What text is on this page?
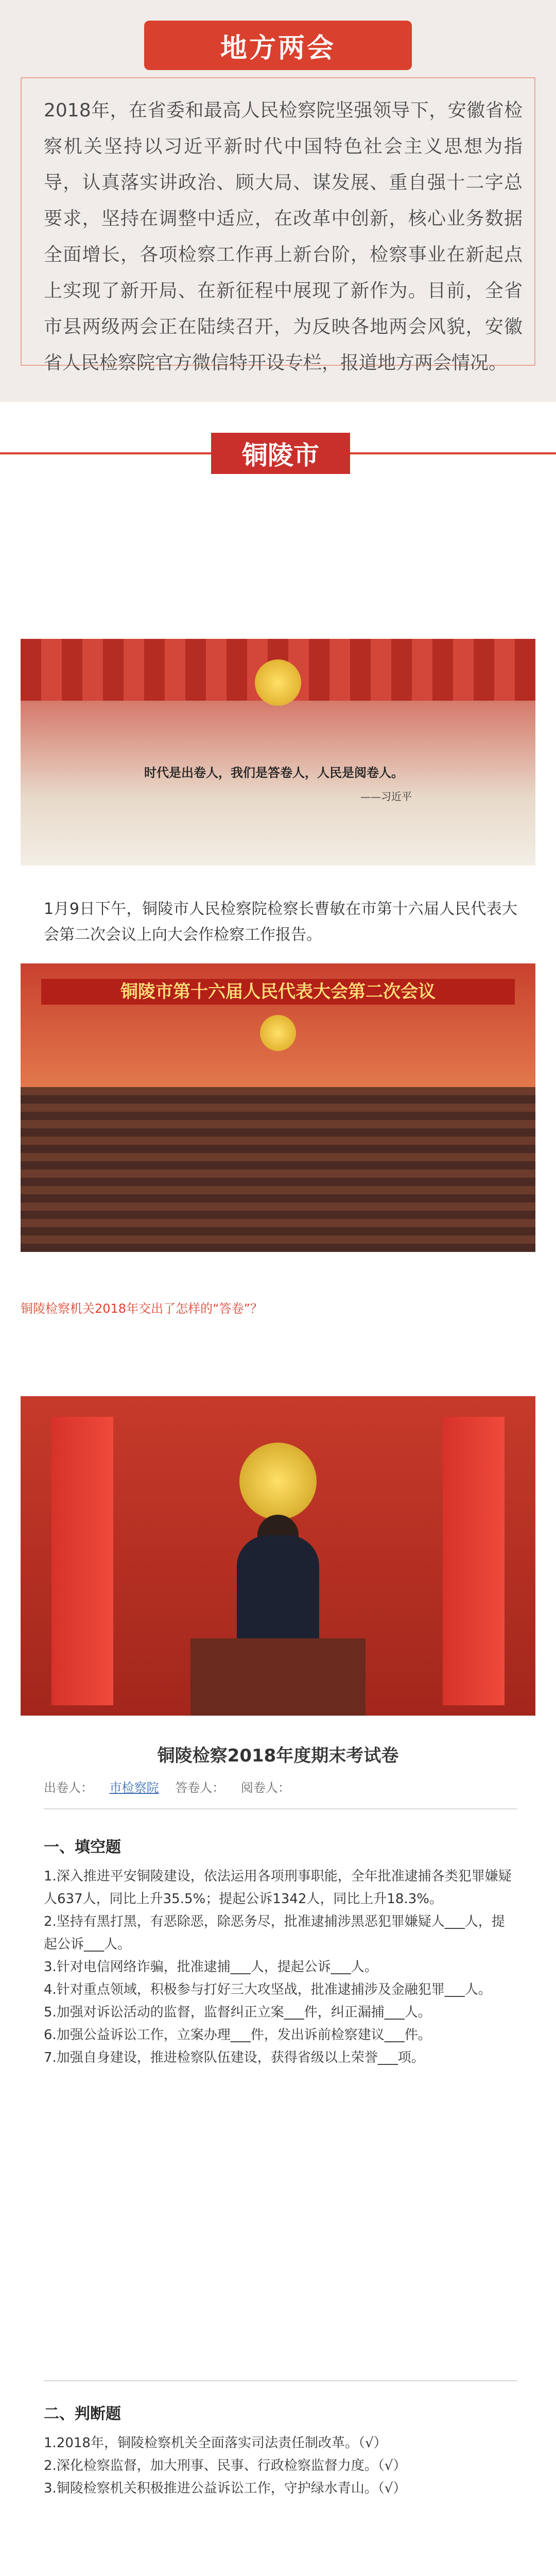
地方两会
2018年，在省委和最高人民检察院坚强领导下，安徽省检察机关坚持以习近平新时代中国特色社会主义思想为指导，认真落实讲政治、顾大局、谋发展、重自强十二字总要求，坚持在调整中适应，在改革中创新，核心业务数据全面增长，各项检察工作再上新台阶，检察事业在新起点上实现了新开局、在新征程中展现了新作为。目前，全省市县两级两会正在陆续召开，为反映各地两会风貌，安徽省人民检察院官方微信特开设专栏，报道地方两会情况。
铜陵市
时代是出卷人，我们是答卷人，人民是阅卷人。
——习近平
1月9日下午，铜陵市人民检察院检察长曹敏在市第十六届人民代表大会第二次会议上向大会作检察工作报告。
铜陵市第十六届人民代表大会第二次会议
铜陵检察机关2018年交出了怎样的“答卷”？
铜陵检察2018年度期末考试卷
出卷人： 市检察院 答卷人： 阅卷人：
一、填空题
1.深入推进平安铜陵建设，依法运用各项刑事职能，全年批准逮捕各类犯罪嫌疑人637人，同比上升35.5%；提起公诉1342人，同比上升18.3%。
2.坚持有黑打黑，有恶除恶，除恶务尽，批准逮捕涉黑恶犯罪嫌疑人___人，提起公诉___人。
3.针对电信网络诈骗，批准逮捕___人，提起公诉___人。
4.针对重点领域，积极参与打好三大攻坚战，批准逮捕涉及金融犯罪___人。
5.加强对诉讼活动的监督，监督纠正立案___件，纠正漏捕___人。
6.加强公益诉讼工作，立案办理___件，发出诉前检察建议___件。
7.加强自身建设，推进检察队伍建设，获得省级以上荣誉___项。
二、判断题
1.2018年，铜陵检察机关全面落实司法责任制改革。（√）
2.深化检察监督，加大刑事、民事、行政检察监督力度。（√）
3.铜陵检察机关积极推进公益诉讼工作，守护绿水青山。（√）
